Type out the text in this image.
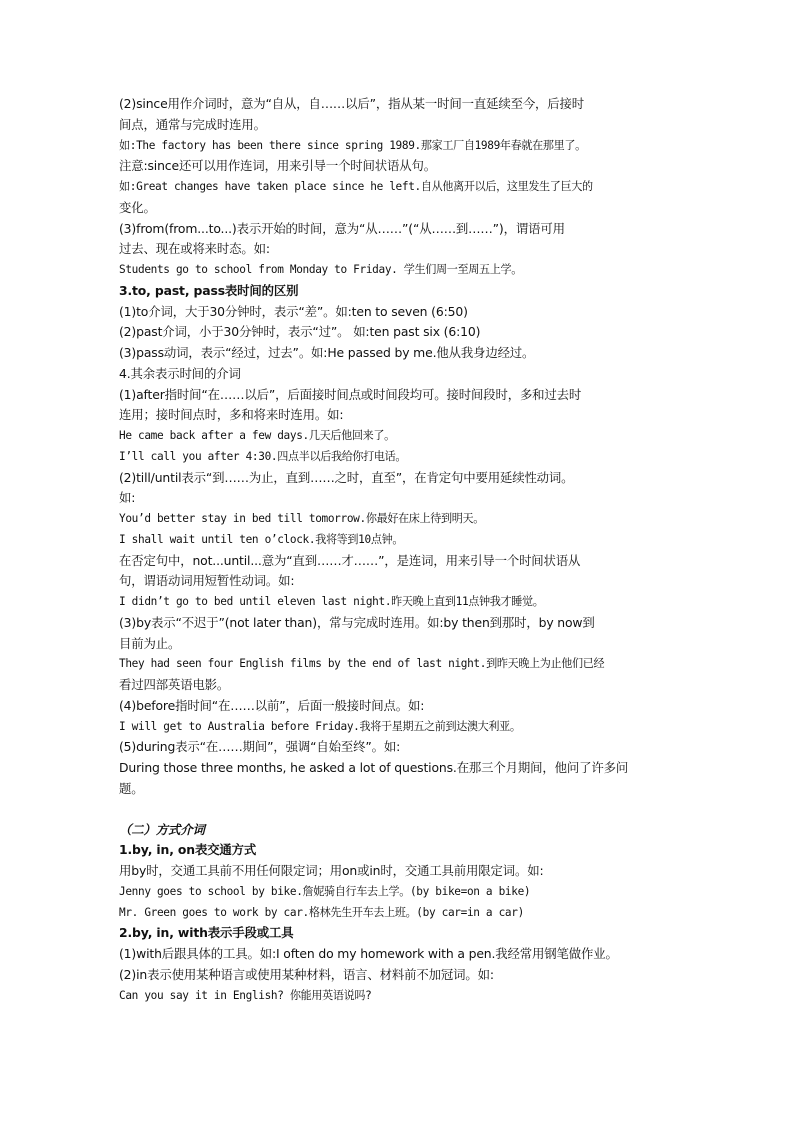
(2)since用作介词时，意为“自从，自……以后”，指从某一时间一直延续至今，后接时
间点，通常与完成时连用。
如:The factory has been there since spring 1989.那家工厂自1989年春就在那里了。
注意:since还可以用作连词，用来引导一个时间状语从句。
如:Great changes have taken place since he left.自从他离开以后，这里发生了巨大的
变化。
(3)from(from...to...)表示开始的时间，意为“从……”(“从……到……”)，谓语可用
过去、现在或将来时态。如:
Students go to school from Monday to Friday. 学生们周一至周五上学。
3.to, past, pass表时间的区别
(1)to介词，大于30分钟时，表示“差”。如:ten to seven (6:50)
(2)past介词，小于30分钟时，表示“过”。 如:ten past six (6:10)
(3)pass动词，表示“经过，过去”。如:He passed by me.他从我身边经过。
4.其余表示时间的介词
(1)after指时间“在……以后”，后面接时间点或时间段均可。接时间段时，多和过去时
连用；接时间点时，多和将来时连用。如:
He came back after a few days.几天后他回来了。
I’ll call you after 4:30.四点半以后我给你打电话。
(2)till/until表示“到……为止，直到……之时，直至”，在肯定句中要用延续性动词。
如:
You’d better stay in bed till tomorrow.你最好在床上待到明天。
I shall wait until ten o’clock.我将等到10点钟。
在否定句中，not...until...意为“直到……才……”，是连词，用来引导一个时间状语从
句，谓语动词用短暂性动词。如:
I didn’t go to bed until eleven last night.昨天晚上直到11点钟我才睡觉。
(3)by表示“不迟于”(not later than)，常与完成时连用。如:by then到那时，by now到
目前为止。
They had seen four English films by the end of last night.到昨天晚上为止他们已经
看过四部英语电影。
(4)before指时间“在……以前”，后面一般接时间点。如:
I will get to Australia before Friday.我将于星期五之前到达澳大利亚。
(5)during表示“在……期间”，强调“自始至终”。如:
During those three months, he asked a lot of questions.在那三个月期间，他问了许多问
题。
（二）方式介词
1.by, in, on表交通方式
用by时，交通工具前不用任何限定词；用on或in时，交通工具前用限定词。如:
Jenny goes to school by bike.詹妮骑自行车去上学。(by bike=on a bike)
Mr. Green goes to work by car.格林先生开车去上班。(by car=in a car)
2.by, in, with表示手段或工具
(1)with后跟具体的工具。如:I often do my homework with a pen.我经常用钢笔做作业。
(2)in表示使用某种语言或使用某种材料，语言、材料前不加冠词。如:
Can you say it in English? 你能用英语说吗?
